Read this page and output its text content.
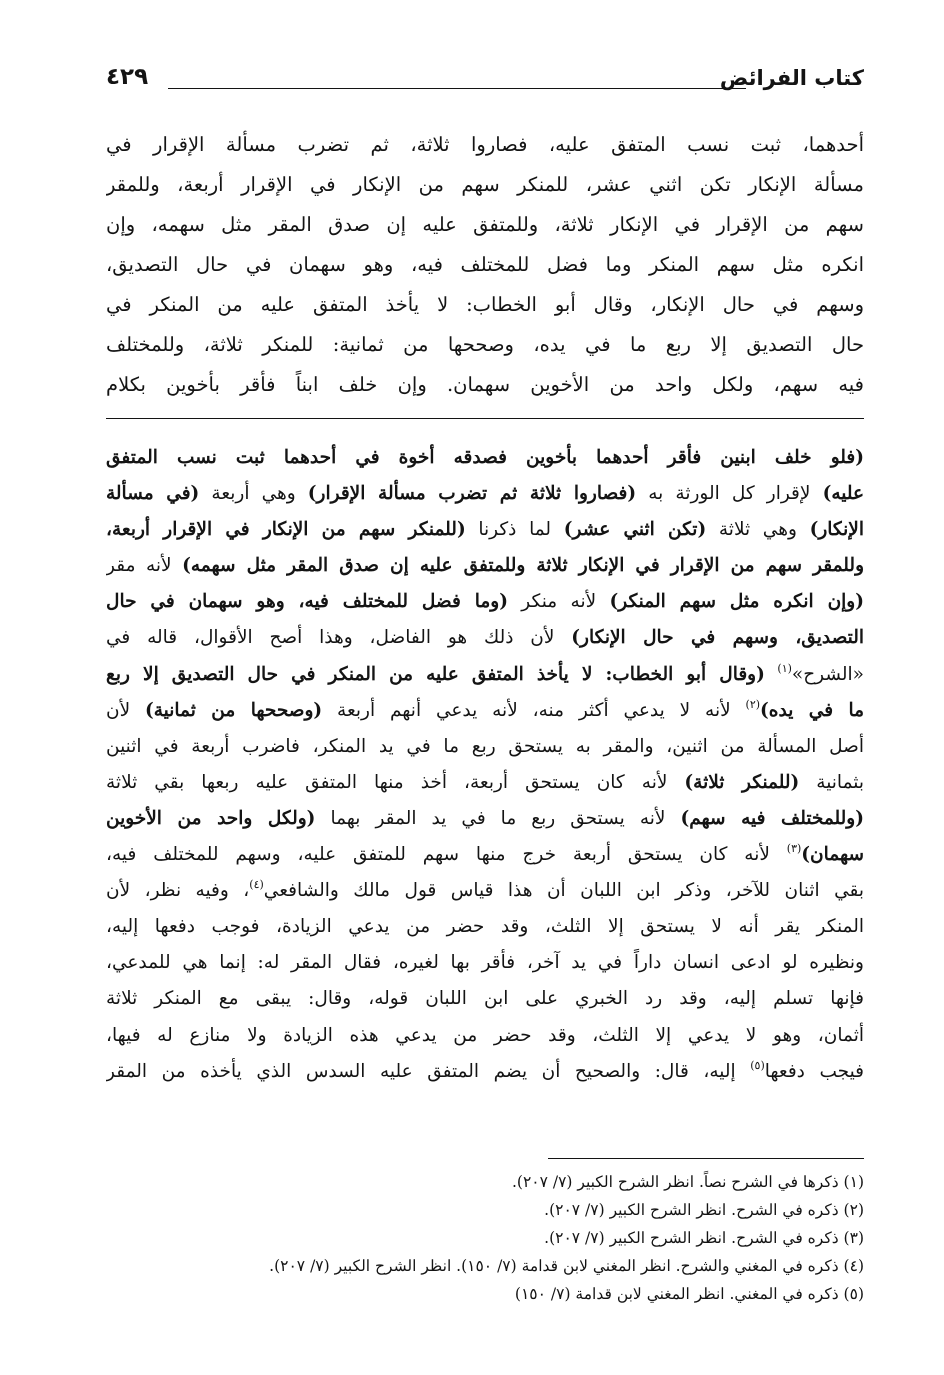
كتاب الفرائض
٤٢٩
أحدهما، ثبت نسب المتفق عليه، فصاروا ثلاثة، ثم تضرب مسألة الإقرار في
مسألة الإنكار تكن اثني عشر، للمنكر سهم من الإنكار في الإقرار أربعة، وللمقر
سهم من الإقرار في الإنكار ثلاثة، وللمتفق عليه إن صدق المقر مثل سهمه، وإن
انكره مثل سهم المنكر وما فضل للمختلف فيه، وهو سهمان في حال التصديق،
وسهم في حال الإنكار، وقال أبو الخطاب: لا يأخذ المتفق عليه من المنكر في
حال التصديق إلا ربع ما في يده، وصححها من ثمانية: للمنكر ثلاثة، وللمختلف
فيه سهم، ولكل واحد من الأخوين سهمان. وإن خلف ابناً فأقر بأخوين بكلام
(فلو خلف ابنين فأقر أحدهما بأخوين فصدقه أخوة في أحدهما ثبت نسب المتفق
عليه) لإقرار كل الورثة به (فصاروا ثلاثة ثم تضرب مسألة الإقرار) وهي أربعة (في مسألة
الإنكار) وهي ثلاثة (تكن اثني عشر) لما ذكرنا (للمنكر سهم من الإنكار في الإقرار أربعة،
وللمقر سهم من الإقرار في الإنكار ثلاثة وللمتفق عليه إن صدق المقر مثل سهمه) لأنه مقر
(وإن انكره مثل سهم المنكر) لأنه منكر (وما فضل للمختلف فيه، وهو سهمان في حال
التصديق، وسهم في حال الإنكار) لأن ذلك هو الفاضل، وهذا أصح الأقوال، قاله في
«الشرح»$^{(١)}$ (وقال أبو الخطاب: لا يأخذ المتفق عليه من المنكر في حال التصديق إلا ربع
ما في يده)$^{(٢)}$ لأنه لا يدعي أكثر منه، لأنه يدعي أنهم أربعة (وصححها من ثمانية) لأن
أصل المسألة من اثنين، والمقر به يستحق ربع ما في يد المنكر، فاضرب أربعة في اثنين
بثمانية (للمنكر ثلاثة) لأنه كان يستحق أربعة، أخذ منها المتفق عليه ربعها بقي ثلاثة
(وللمختلف فيه سهم) لأنه يستحق ربع ما في يد المقر بهما (ولكل واحد من الأخوين
سهمان)$^{(٣)}$ لأنه كان يستحق أربعة خرج منها سهم للمتفق عليه، وسهم للمختلف فيه،
بقي اثنان للآخر، وذكر ابن اللبان أن هذا قياس قول مالك والشافعي$^{(٤)}$، وفيه نظر، لأن
المنكر يقر أنه لا يستحق إلا الثلث، وقد حضر من يدعي الزيادة، فوجب دفعها إليه،
ونظيره لو ادعى انسان داراً في يد آخر، فأقر بها لغيره، فقال المقر له: إنما هي للمدعي،
فإنها تسلم إليه، وقد رد الخبري على ابن اللبان قوله، وقال: يبقى مع المنكر ثلاثة
أثمان، وهو لا يدعي إلا الثلث، وقد حضر من يدعي هذه الزيادة ولا منازع له فيها،
فيجب دفعها$^{(٥)}$ إليه، قال: والصحيح أن يضم المتفق عليه السدس الذي يأخذه من المقر
(١) ذكرها في الشرح نصاً. انظر الشرح الكبير (٧/ ٢٠٧).
(٢) ذكره في الشرح. انظر الشرح الكبير (٧/ ٢٠٧).
(٣) ذكره في الشرح. انظر الشرح الكبير (٧/ ٢٠٧).
(٤) ذكره في المغني والشرح. انظر المغني لابن قدامة (٧/ ١٥٠). انظر الشرح الكبير (٧/ ٢٠٧).
(٥) ذكره في المغني. انظر المغني لابن قدامة (٧/ ١٥٠)
